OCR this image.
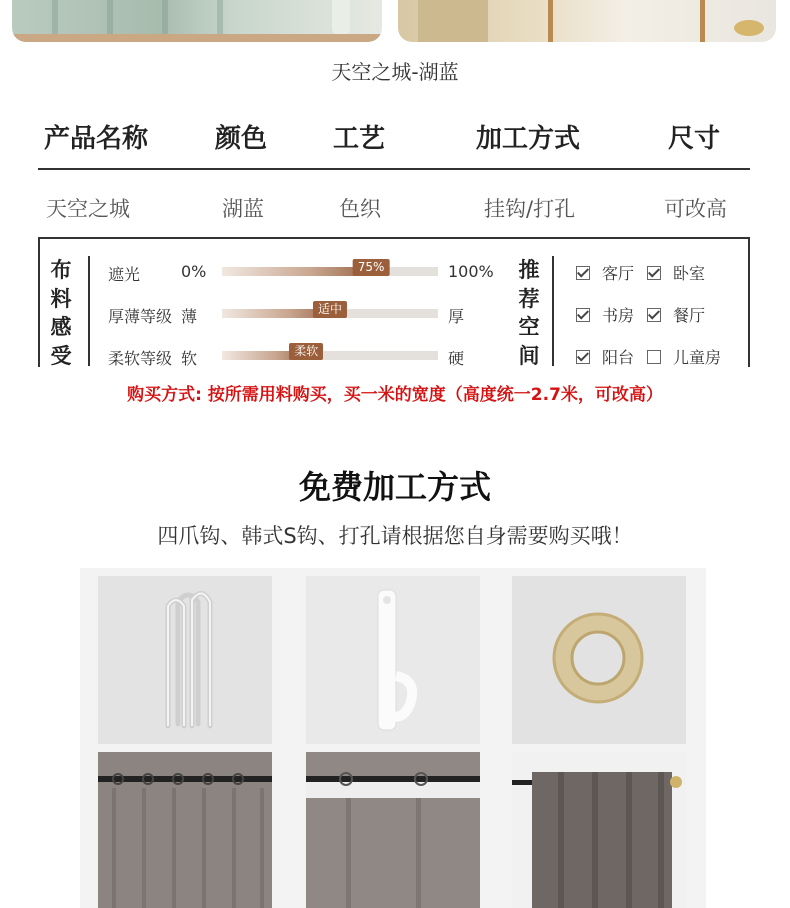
天空之城-湖蓝
产品名称	颜色	工艺	加工方式	尺寸
天空之城	湖蓝	色织	挂钩/打孔	可改高
布
料
感
受
遮光	0%	75%	100%
厚薄等级 薄	适中	厚
柔软等级 软	柔软	硬
推
荐
空
间
客厅 卧室
书房 餐厅
阳台 儿童房
购买方式: 按所需用料购买，买一米的宽度（高度统一2.7米，可改高）
免费加工方式
四爪钩、韩式S钩、打孔请根据您自身需要购买哦！
